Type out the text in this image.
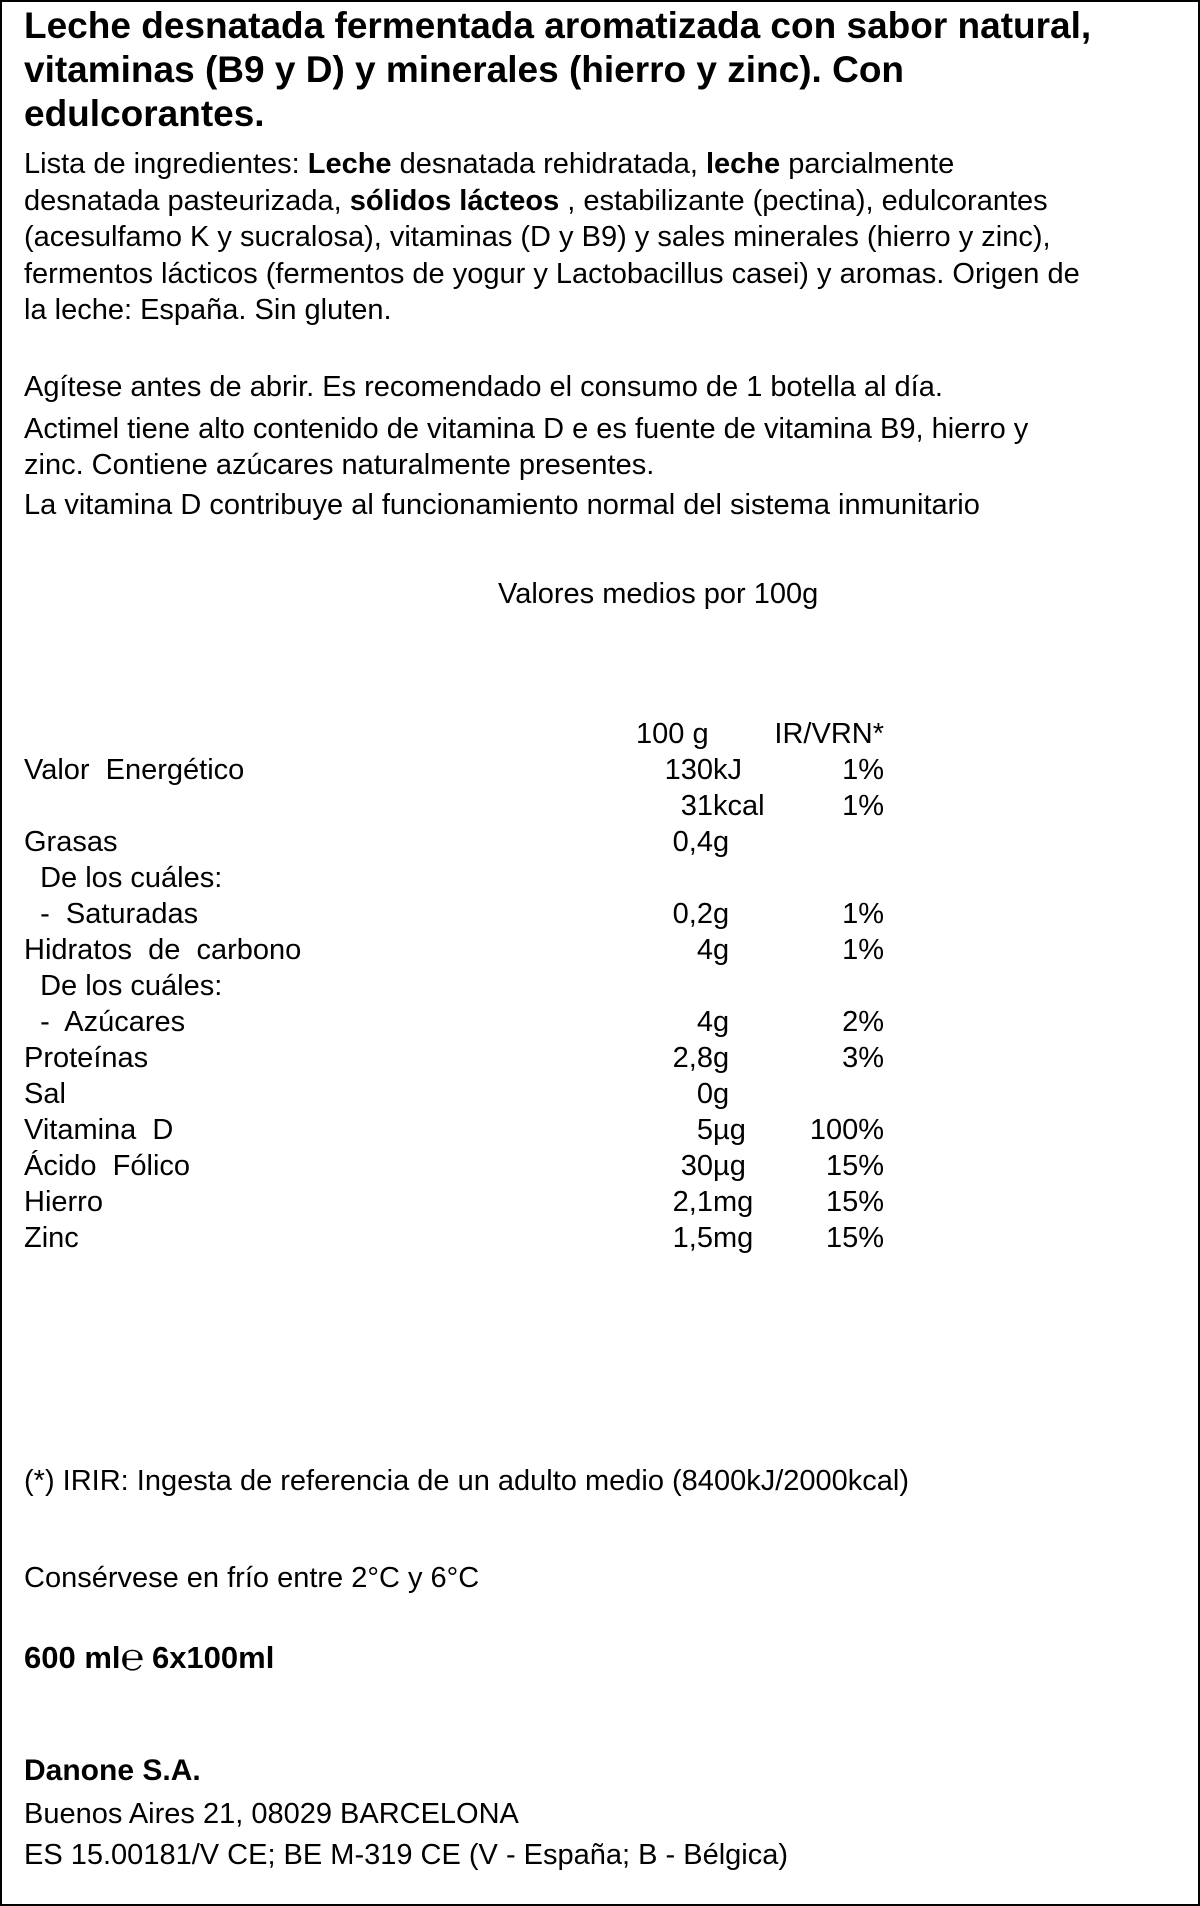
Leche desnatada fermentada aromatizada con sabor natural,
vitaminas (B9 y D) y minerales (hierro y zinc). Con
edulcorantes.
Lista de ingredientes: Leche desnatada rehidratada, leche parcialmente
desnatada pasteurizada, sólidos lácteos , estabilizante (pectina), edulcorantes
(acesulfamo K y sucralosa), vitaminas (D y B9) y sales minerales (hierro y zinc),
fermentos lácticos (fermentos de yogur y Lactobacillus casei) y aromas. Origen de
la leche: España. Sin gluten.
Agítese antes de abrir. Es recomendado el consumo de 1 botella al día.
Actimel tiene alto contenido de vitamina D e es fuente de vitamina B9, hierro y
zinc. Contiene azúcares naturalmente presentes.
La vitamina D contribuye al funcionamiento normal del sistema inmunitario
Valores medios por 100g
100 g IR/VRN*
Valor  Energético	130 kJ	1%
31 kcal	1%
Grasas	0,4 g
De los cuáles:
-  Saturadas	0,2 g	1%
Hidratos  de  carbono	4 g	1%
De los cuáles:
-  Azúcares	4 g	2%
Proteínas	2,8 g	3%
Sal	0 g
Vitamina  D	5 µg 100%
Ácido  Fólico	30 µg	15%
Hierro	2,1 mg	15%
Zinc	1,5 mg	15%
(*) IRIR: Ingesta de referencia de un adulto medio (8400kJ/2000kcal)
Consérvese en frío entre 2°C y 6°C
600 ml℮ 6x100ml
Danone S.A.
Buenos Aires 21, 08029 BARCELONA
ES 15.00181/V CE; BE M-319 CE (V - España; B - Bélgica)
